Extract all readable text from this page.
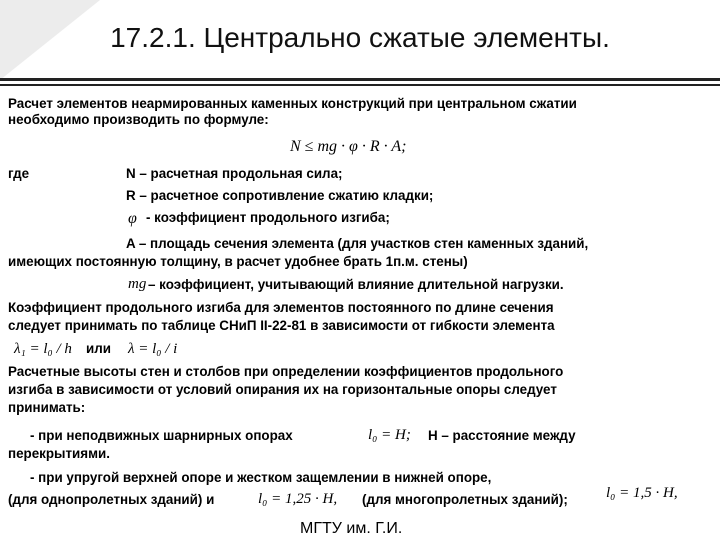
17.2.1. Центрально сжатые элементы.
Расчет элементов неармированных каменных конструкций при центральном сжатии
необходимо производить по формуле:
N ≤ mg · φ · R · A;
где	N – расчетная продольная сила;
R – расчетное сопротивление сжатию кладки;
φ - коэффициент продольного изгиба;
A – площадь сечения элемента (для участков стен каменных зданий,
имеющих постоянную толщину, в расчет удобнее брать 1п.м. стены)
mg – коэффициент, учитывающий влияние длительной нагрузки.
Коэффициент продольного изгиба для элементов постоянного по длине сечения
следует принимать по таблице СНиП II-22-81 в зависимости от гибкости элемента
λ₁ = l₀ / h или λ = l₀ / i
Расчетные высоты стен и столбов при определении коэффициентов продольного
изгиба в зависимости от условий опирания их на горизонтальные опоры следует
принимать:
- при неподвижных шарнирных опорах	l₀ = H; H – расстояние между
перекрытиями.
- при упругой верхней опоре и жестком защемлении в нижней опоре,
l₀ = 1,5 · H,
(для однопролетных зданий) и	l₀ = 1,25 · H, (для многопролетных зданий);
МГТУ им. Г.И.
